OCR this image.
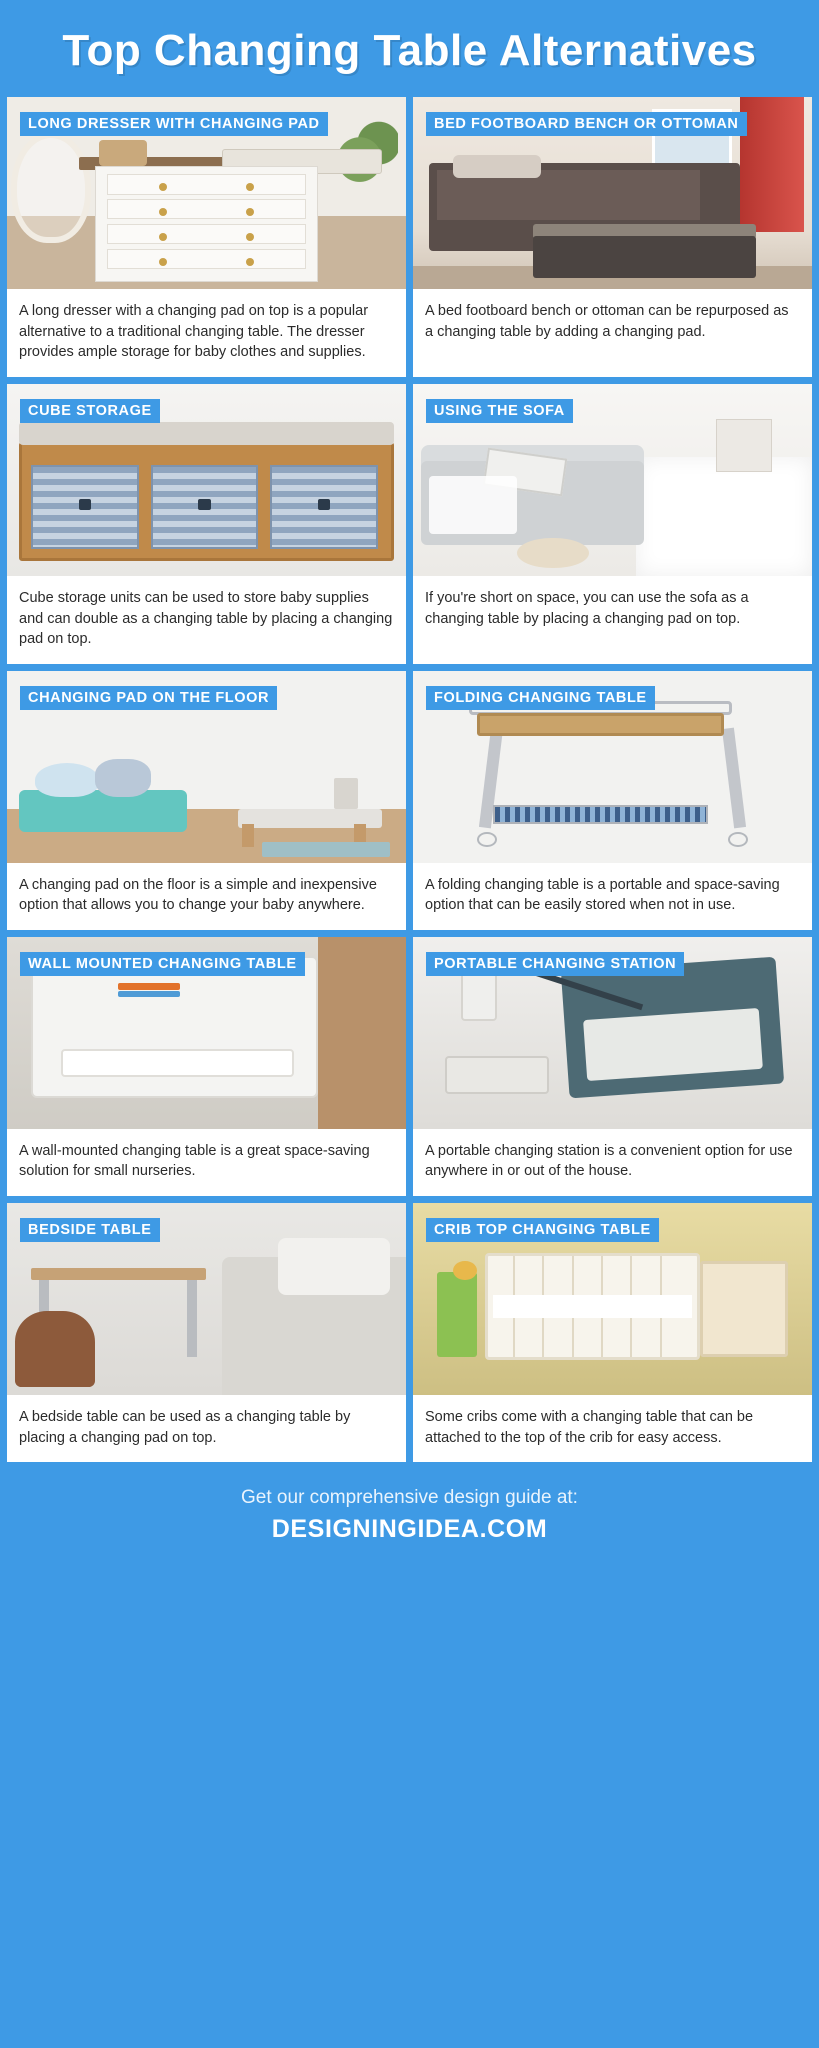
Top Changing Table Alternatives
LONG DRESSER WITH CHANGING PAD
A long dresser with a changing pad on top is a popular alternative to a traditional changing table. The dresser provides ample storage for baby clothes and supplies.
BED FOOTBOARD BENCH OR OTTOMAN
A bed footboard bench or ottoman can be repurposed as a changing table by adding a changing pad.
CUBE STORAGE
Cube storage units can be used to store baby supplies and can double as a changing table by placing a changing pad on top.
USING THE SOFA
If you're short on space, you can use the sofa as a changing table by placing a changing pad on top.
CHANGING PAD ON THE FLOOR
A changing pad on the floor is a simple and inexpensive option that allows you to change your baby anywhere.
FOLDING CHANGING TABLE
A folding changing table is a portable and space-saving option that can be easily stored when not in use.
WALL MOUNTED CHANGING TABLE
A wall-mounted changing table is a great space-saving solution for small nurseries.
PORTABLE CHANGING STATION
A portable changing station is a convenient option for use anywhere in or out of the house.
BEDSIDE TABLE
A bedside table can be used as a changing table by placing a changing pad on top.
CRIB TOP CHANGING TABLE
Some cribs come with a changing table that can be attached to the top of the crib for easy access.
Get our comprehensive design guide at:
DESIGNINGIDEA.COM
